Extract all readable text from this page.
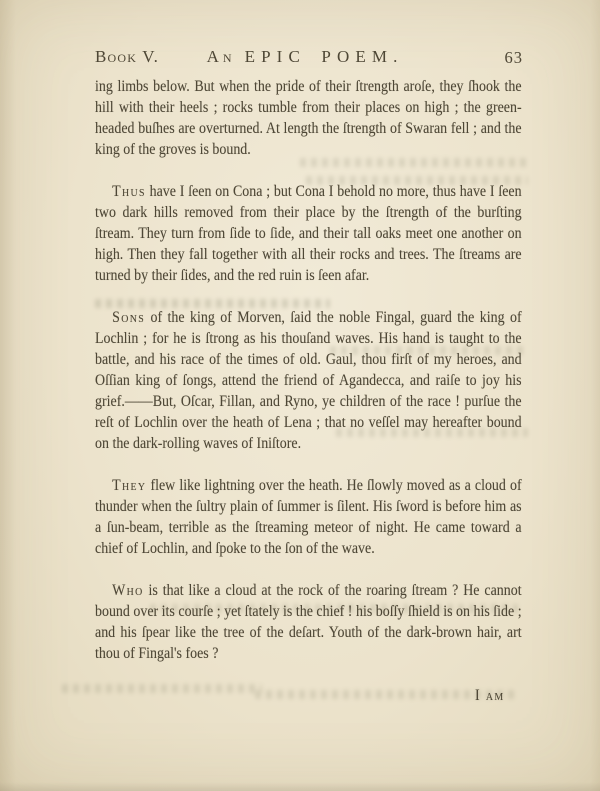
Book V.	An EPIC POEM.	63

ing limbs below. But when the pride of their ſtrength aroſe, they ſhook the hill with their heels ; rocks tumble from their places on high ; the green-headed buſhes are overturned. At length the ſtrength of Swaran fell ; and the king of the groves is bound.

Thus have I ſeen on Cona ; but Cona I behold no more, thus have I ſeen two dark hills removed from their place by the ſtrength of the burſting ſtream. They turn from ſide to ſide, and their tall oaks meet one another on high. Then they fall together with all their rocks and trees. The ſtreams are turned by their ſides, and the red ruin is ſeen afar.

Sons of the king of Morven, ſaid the noble Fingal, guard the king of Lochlin ; for he is ſtrong as his thouſand waves. His hand is taught to the battle, and his race of the times of old. Gaul, thou firſt of my heroes, and Oſſian king of ſongs, attend the friend of Agandecca, and raiſe to joy his grief.——But, Oſcar, Fillan, and Ryno, ye children of the race ! purſue the reſt of Lochlin over the heath of Lena ; that no veſſel may hereafter bound on the dark-rolling waves of Iniſtore.

They flew like lightning over the heath. He ſlowly moved as a cloud of thunder when the ſultry plain of ſummer is ſilent. His ſword is before him as a ſun-beam, terrible as the ſtreaming meteor of night. He came toward a chief of Lochlin, and ſpoke to the ſon of the wave.

Who is that like a cloud at the rock of the roaring ſtream ? He cannot bound over its courſe ; yet ſtately is the chief ! his boſſy ſhield is on his ſide ; and his ſpear like the tree of the deſart. Youth of the dark-brown hair, art thou of Fingal's foes ?

I am
